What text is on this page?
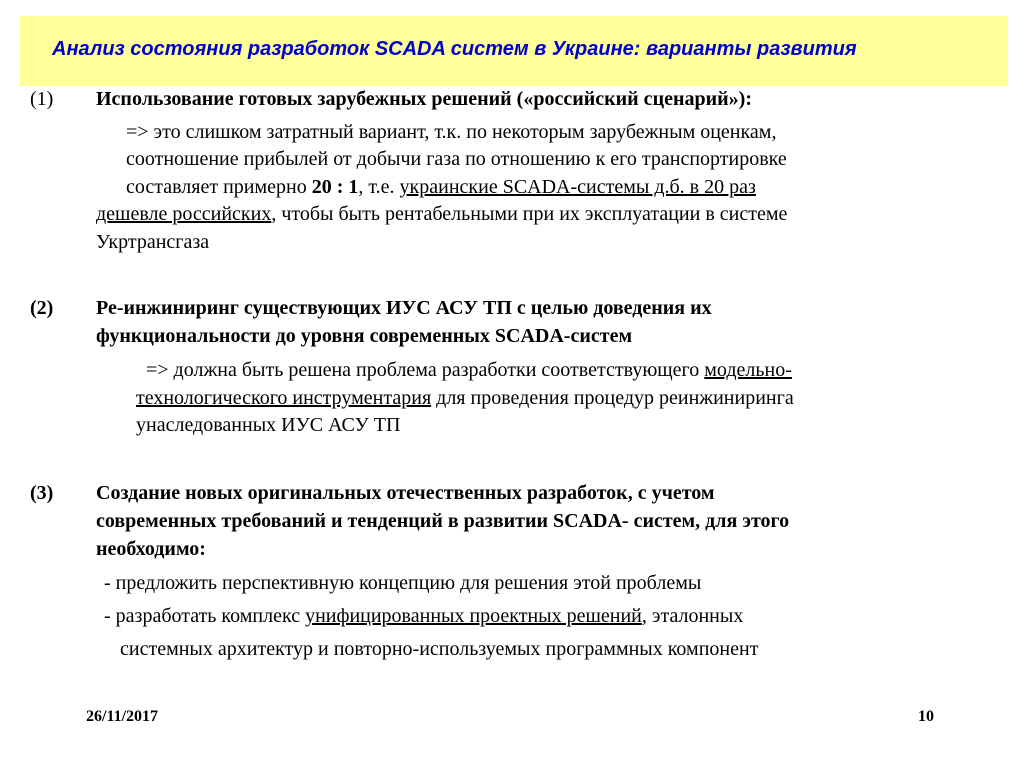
Анализ состояния разработок SCADA систем в Украине: варианты развития
(1) Использование готовых зарубежных решений («российский сценарий»):
=> это слишком затратный вариант, т.к. по некоторым зарубежным оценкам,
соотношение прибылей от добычи газа по отношению к его транспортировке
составляет примерно 20 : 1, т.е. украинские SCADA-системы д.б. в 20 раз
дешевле российских, чтобы быть рентабельными при их эксплуатации в системе
Укртрансгаза
(2) Ре-инжиниринг существующих ИУС АСУ ТП с целью доведения их
функциональности до уровня современных SCADA-систем
=> должна быть решена проблема разработки соответствующего модельно-
технологического инструментария для проведения процедур реинжиниринга
унаследованных ИУС АСУ ТП
(3) Создание новых оригинальных отечественных разработок, с учетом
современных требований и тенденций в развитии SCADA- систем, для этого
необходимо:
- предложить перспективную концепцию для решения этой проблемы
- разработать комплекс унифицированных проектных решений, эталонных
системных архитектур и повторно-используемых программных компонент
26/11/2017	10
